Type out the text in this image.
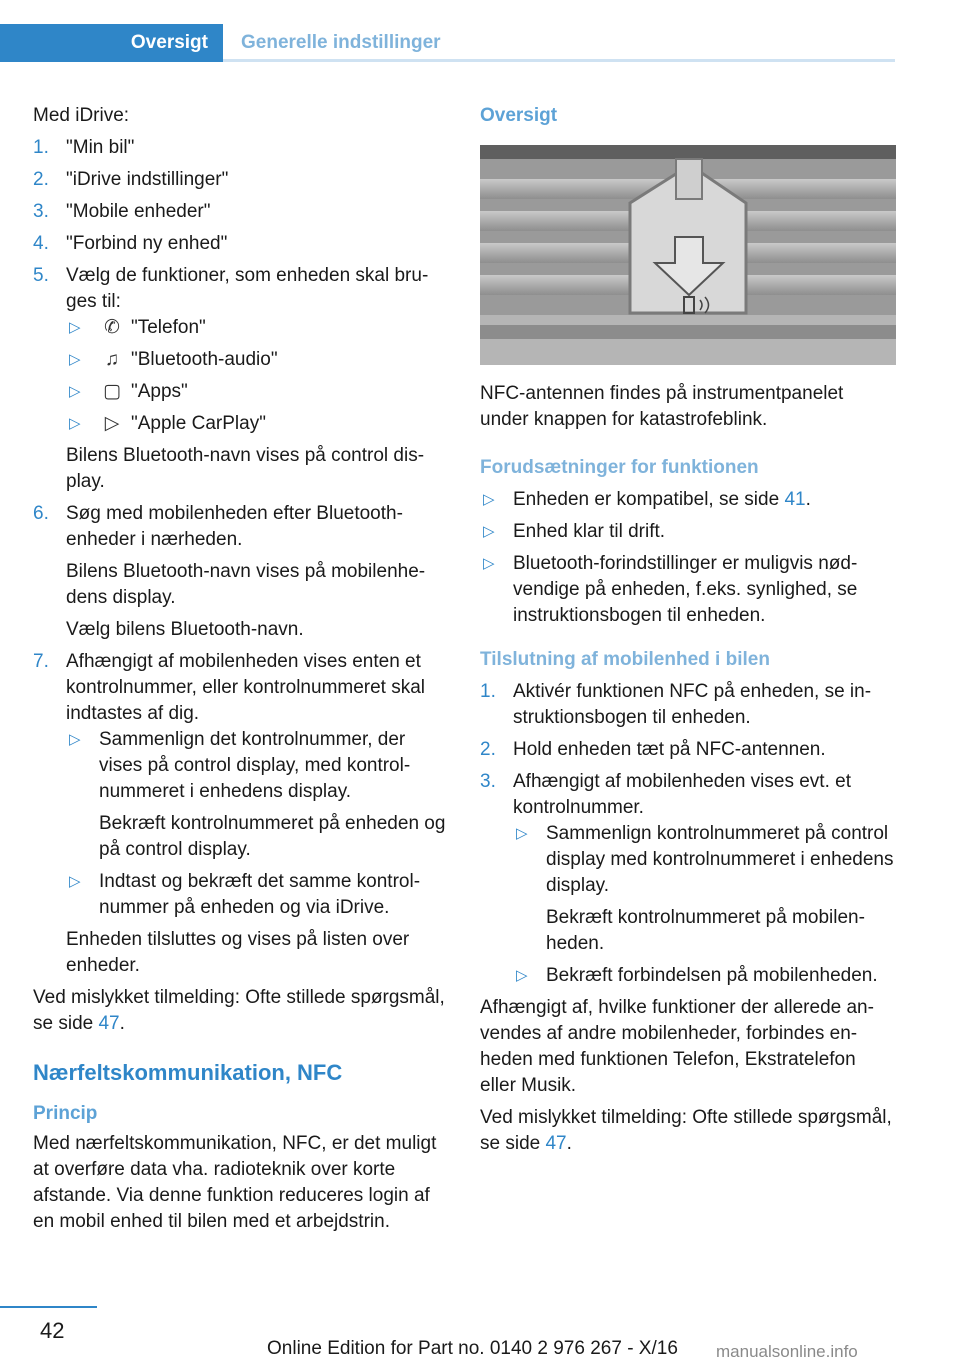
Oversigt	Generelle indstillinger

Med iDrive:

1. "Min bil"
2. "iDrive indstillinger"
3. "Mobile enheder"
4. "Forbind ny enhed"
5. Vælg de funktioner, som enheden skal bruges til:
▷ ✆ "Telefon"
▷ ♫ "Bluetooth-audio"
▷ ▢ "Apps"
▷ ▷ "Apple CarPlay"

Bilens Bluetooth-navn vises på control display.

6. Søg med mobilenheden efter Bluetooth-enheder i nærheden.

Bilens Bluetooth-navn vises på mobilenhedens display.

Vælg bilens Bluetooth-navn.

7. Afhængigt af mobilenheden vises enten et kontrolnummer, eller kontrolnummeret skal indtastes af dig.
▷ Sammenlign det kontrolnummer, der vises på control display, med kontrolnummeret i enhedens display.

Bekræft kontrolnummeret på enheden og på control display.

▷ Indtast og bekræft det samme kontrolnummer på enheden og via iDrive.

Enheden tilsluttes og vises på listen over enheder.

Ved mislykket tilmelding: Ofte stillede spørgsmål, se side 47.

Nærfeltskommunikation, NFC
Princip

Med nærfeltskommunikation, NFC, er det muligt at overføre data vha. radioteknik over korte afstande. Via denne funktion reduceres login af en mobil enhed til bilen med et arbejdstrin.

Oversigt

NFC-antennen findes på instrumentpanelet under knappen for katastrofeblink.

Forudsætninger for funktionen
▷ Enheden er kompatibel, se side 41.
▷ Enhed klar til drift.
▷ Bluetooth-forindstillinger er muligvis nødvendige på enheden, f.eks. synlighed, se instruktionsbogen til enheden.
Tilslutning af mobilenhed i bilen
1. Aktivér funktionen NFC på enheden, se instruktionsbogen til enheden.
2. Hold enheden tæt på NFC-antennen.
3. Afhængigt af mobilenheden vises evt. et kontrolnummer.
▷ Sammenlign kontrolnummeret på control display med kontrolnummeret i enhedens display.

Bekræft kontrolnummeret på mobilenheden.

▷ Bekræft forbindelsen på mobilenheden.

Afhængigt af, hvilke funktioner der allerede anvendes af andre mobilenheder, forbindes enheden med funktionen Telefon, Ekstratelefon eller Musik.

Ved mislykket tilmelding: Ofte stillede spørgsmål, se side 47.

42
Online Edition for Part no. 0140 2 976 267 - X/16 manualsonline.info
